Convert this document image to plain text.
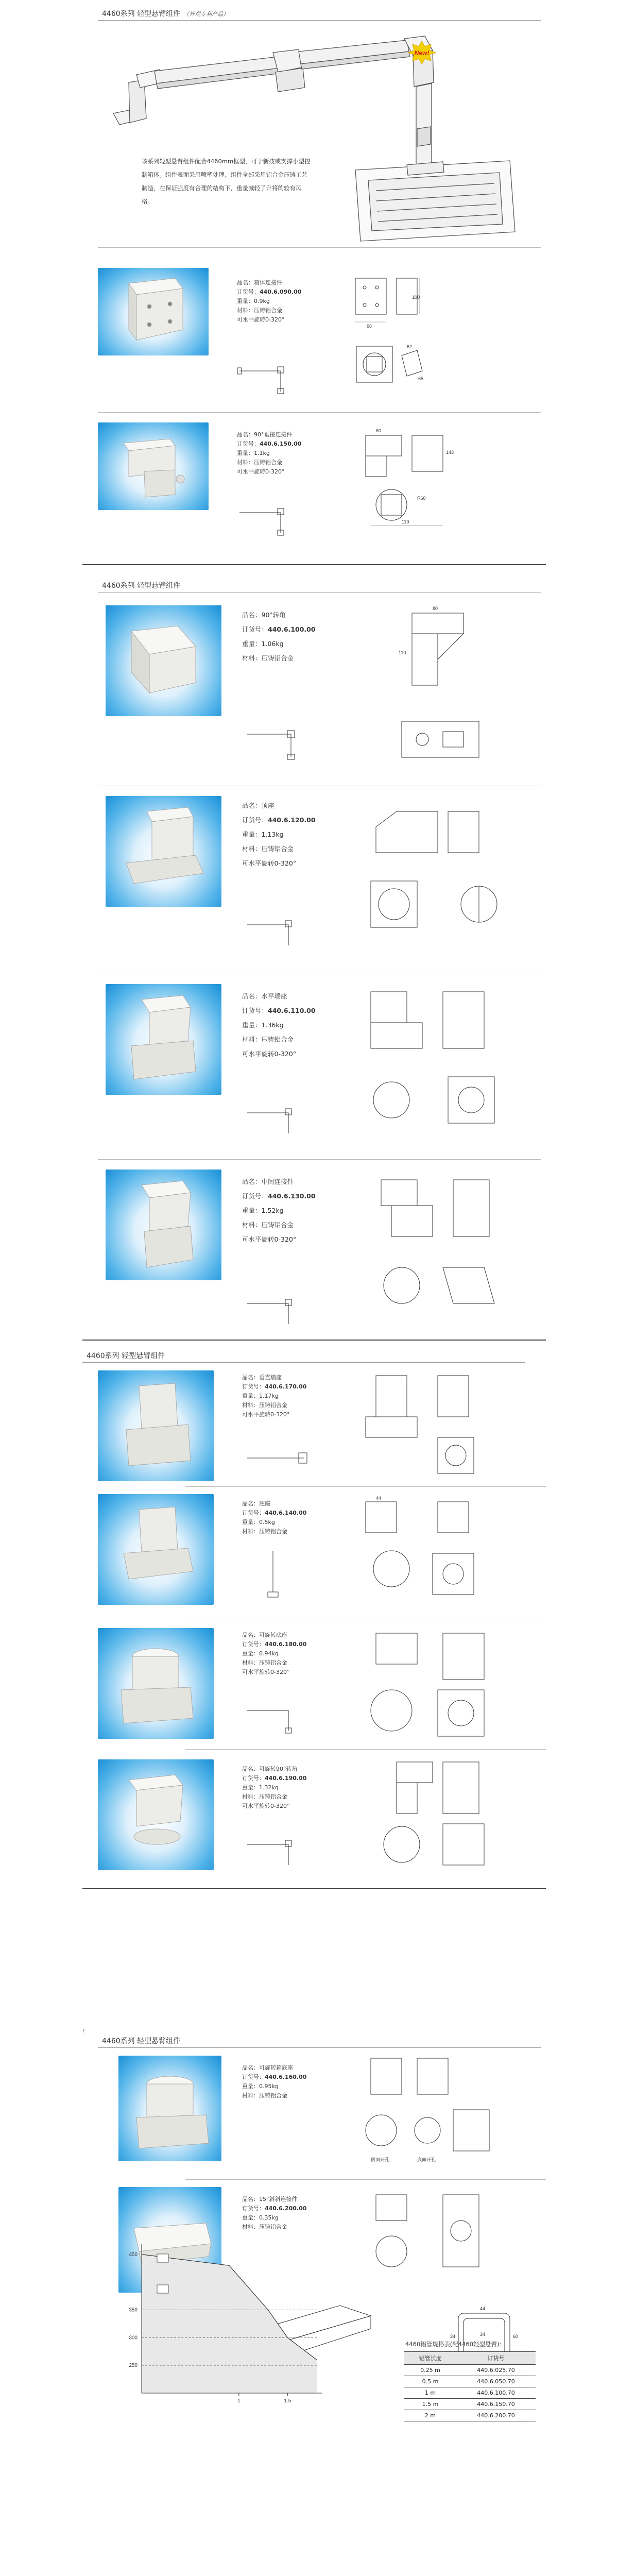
4460系列 轻型悬臂组件 （外观专利产品）
New!
该系列轻型悬臂组件配合4460mm框型，可于新技或支撑小型控制箱体。组件表面采用喷塑处理。组件全部采用铝合金压铸工艺制造，在保证强度有合理的结构下，重量减轻了升将的较有风格。
品名：箱体连接件
订货号：440.6.090.00
重量：0.9kg
材料：压铸铝合金
可水平旋转0-320°
66
100
62
65
品名：90°垂接连接件
订货号：440.6.150.00
重量：1.1kg
材料：压铸铝合金
可水平旋转0-320°
80
143
110
R60
4460系列 轻型悬臂组件
品名：90°转角
订货号：440.6.100.00
重量：1.06kg
材料：压铸铝合金
80
110
品名：顶座
订货号：440.6.120.00
重量：1.13kg
材料：压铸铝合金
可水平旋转0-320°
品名：水平墙座
订货号：440.6.110.00
重量：1.36kg
材料：压铸铝合金
可水平旋转0-320°
品名：中间连接件
订货号：440.6.130.00
重量：1.52kg
材料：压铸铝合金
可水平旋转0-320°
4460系列 轻型悬臂组件
品名：垂直墙座
订货号：440.6.170.00
重量：1.17kg
材料：压铸铝合金
可水平旋转0-320°
品名：底座
订货号：440.6.140.00
重量：0.5kg
材料：压铸铝合金
44
品名：可旋转底座
订货号：440.6.180.00
重量：0.94kg
材料：压铸铝合金
可水平旋转0-320°
品名：可旋转90°转角
订货号：440.6.190.00
重量：1.32kg
材料：压铸铝合金
可水平旋转0-320°
r
4460系列 轻型悬臂组件
品名：可旋转箱底座
订货号：440.6.160.00
重量：0.95kg
材料：压铸铝合金
侧面开孔	底面开孔
品名：15°斜斜连接件
订货号：440.6.200.00
重量：0.35kg
材料：压铸铝合金
44
34	60
34
250
300
350
450
1	1.5
4460铝管规格表(配4460轻型悬臂)：
铝管长度	订货号
0.25 m	440.6.025.70
0.5 m	440.6.050.70
1 m	440.6.100.70
1.5 m	440.6.150.70
2 m	440.6.200.70
